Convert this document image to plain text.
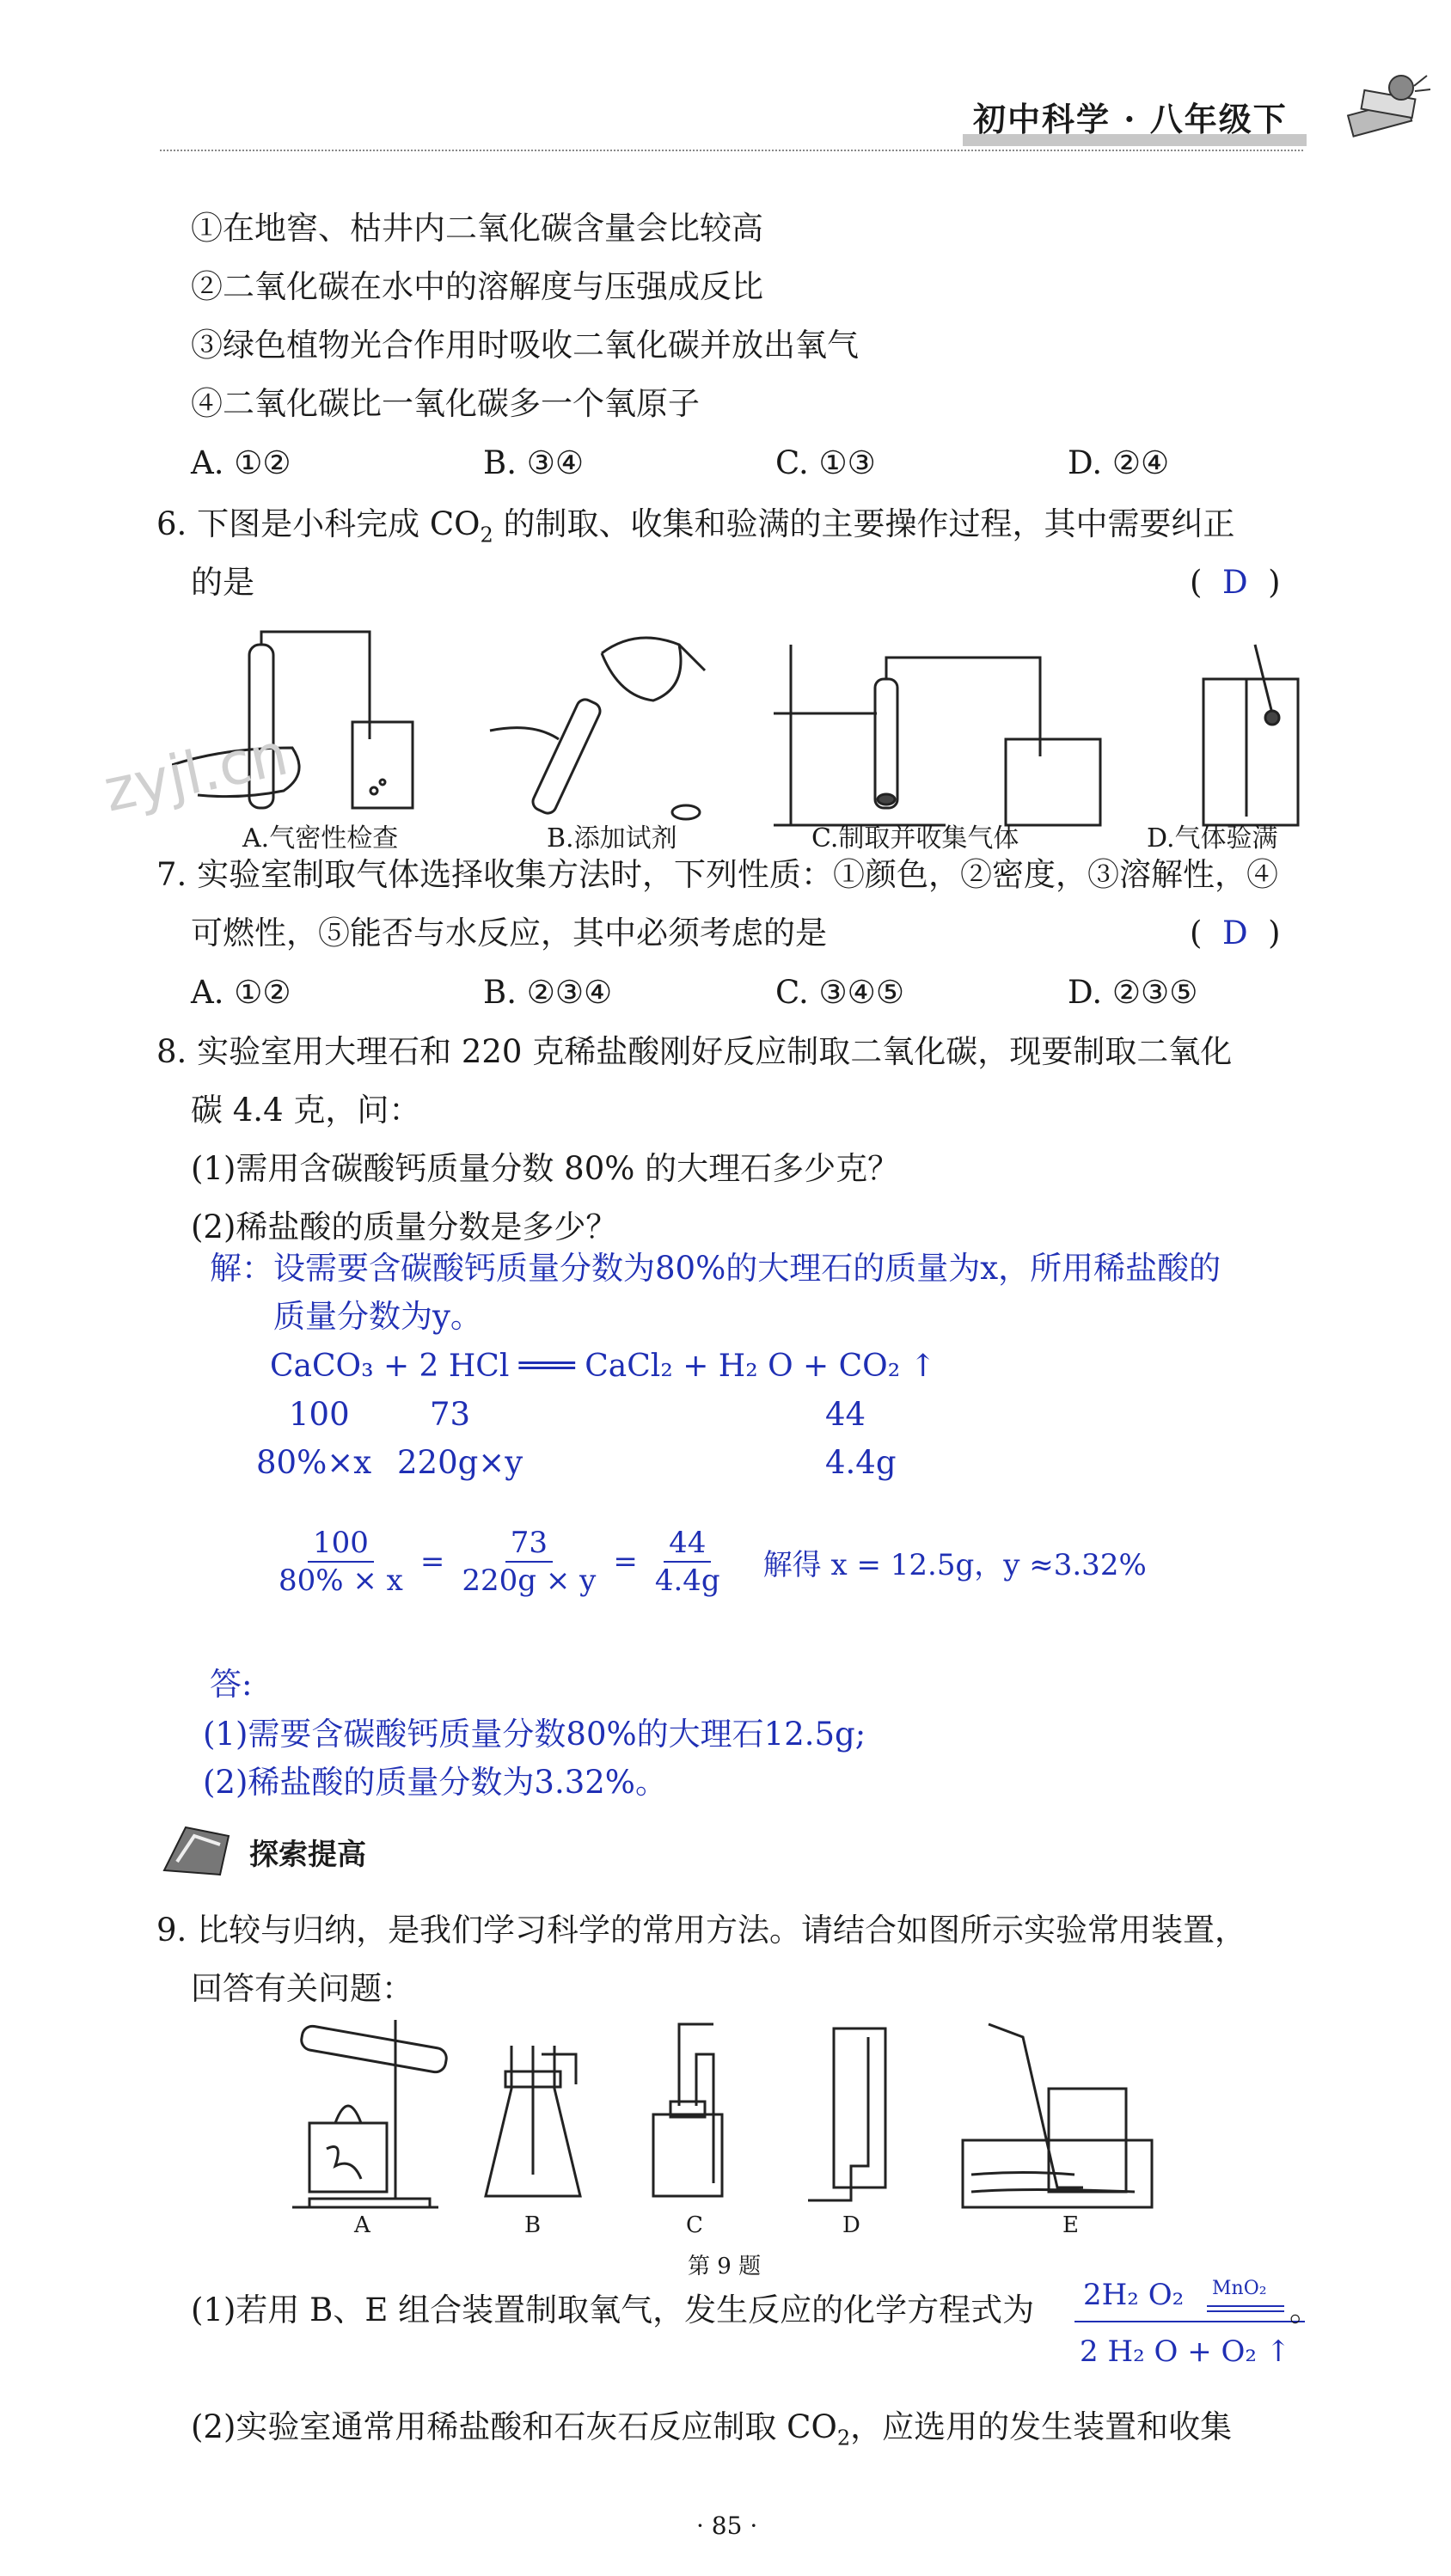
初中科学 · 八年级下
①在地窖、枯井内二氧化碳含量会比较高
②二氧化碳在水中的溶解度与压强成反比
③绿色植物光合作用时吸收二氧化碳并放出氧气
④二氧化碳比一氧化碳多一个氧原子
A. ①②	B. ③④	C. ①③	D. ②④
6. 下图是小科完成 $CO_2$ 的制取、收集和验满的主要操作过程，其中需要纠正
的是	(  D  )
zyjl.cn
A.气密性检查	B.添加试剂	C.制取并收集气体	D.气体验满
7. 实验室制取气体选择收集方法时，下列性质：①颜色，②密度，③溶解性，④
可燃性，⑤能否与水反应，其中必须考虑的是	(  D  )
A. ①②	B. ②③④	C. ③④⑤	D. ②③⑤
8. 实验室用大理石和 220 克稀盐酸刚好反应制取二氧化碳，现要制取二氧化
碳 4.4 克，问：
(1)需用含碳酸钙质量分数 80% 的大理石多少克？
(2)稀盐酸的质量分数是多少？
解：设需要含碳酸钙质量分数为80%的大理石的质量为x，所用稀盐酸的
质量分数为y。
CaCO₃ + 2 HCl ═══ CaCl₂ + H₂ O + CO₂ ↑
100	73	44
80%×x 220g×y	4.4g
$\frac{100}{80\% \times x} = \frac{73}{220g \times y} = \frac{44}{4.4g}$ 解得 x = 12.5g，y ≈3.32%
答:
(1)需要含碳酸钙质量分数80%的大理石12.5g;
(2)稀盐酸的质量分数为3.32%。
探索提高
9. 比较与归纳，是我们学习科学的常用方法。请结合如图所示实验常用装置，
回答有关问题：
A	B	C	D	E
第 9 题
(1)若用 B、E 组合装置制取氧气，发生反应的化学方程式为 2H₂ O₂ MnO₂
。
2 H₂ O + O₂ ↑
(2)实验室通常用稀盐酸和石灰石反应制取 $CO_2$，应选用的发生装置和收集
· 85 ·
